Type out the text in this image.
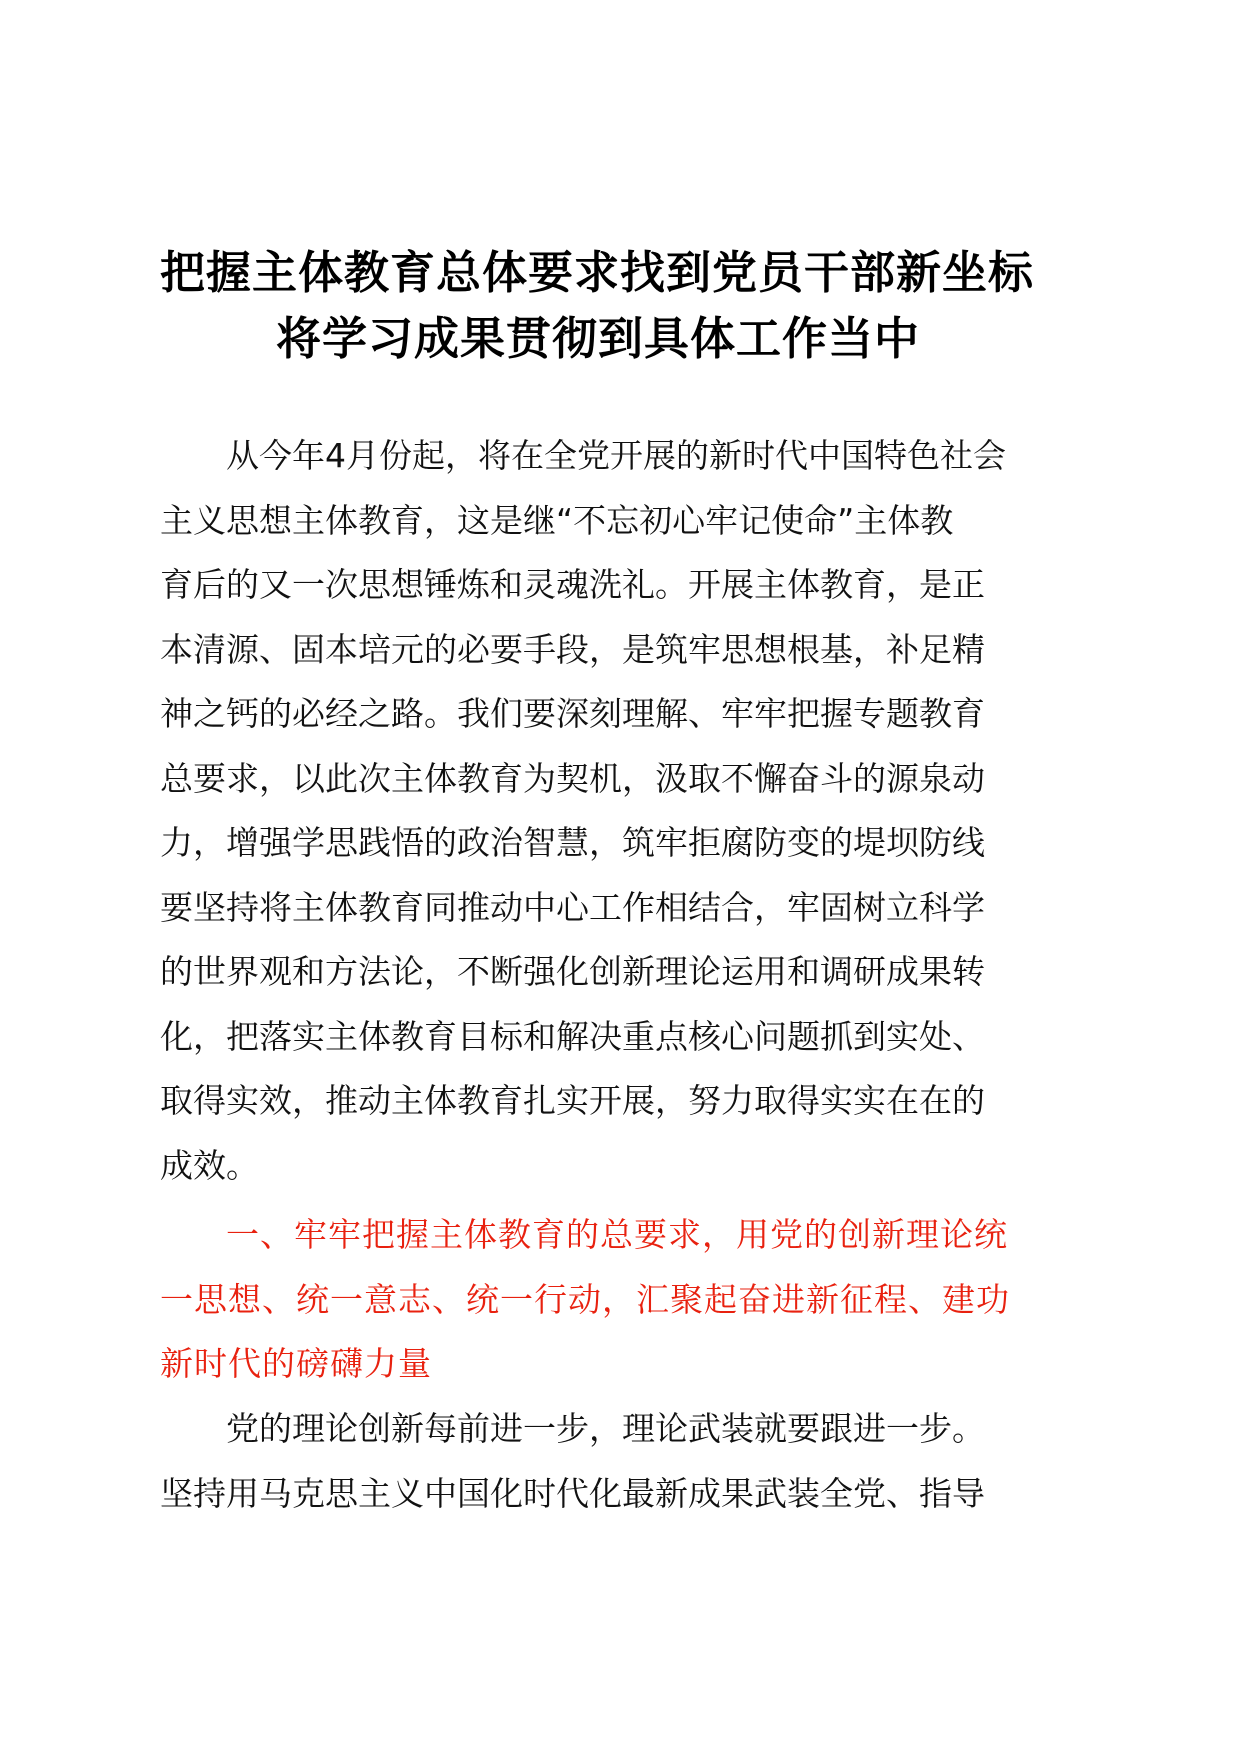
把握主体教育总体要求找到党员干部新坐标
将学习成果贯彻到具体工作当中
从今年4月份起，将在全党开展的新时代中国特色社会
主义思想主体教育，这是继“不忘初心牢记使命”主体教
育后的又一次思想锤炼和灵魂洗礼。开展主体教育，是正
本清源、固本培元的必要手段，是筑牢思想根基，补足精
神之钙的必经之路。我们要深刻理解、牢牢把握专题教育
总要求，以此次主体教育为契机，汲取不懈奋斗的源泉动
力，增强学思践悟的政治智慧，筑牢拒腐防变的堤坝防线
要坚持将主体教育同推动中心工作相结合，牢固树立科学
的世界观和方法论，不断强化创新理论运用和调研成果转
化，把落实主体教育目标和解决重点核心问题抓到实处、
取得实效，推动主体教育扎实开展，努力取得实实在在的
成效。
一、牢牢把握主体教育的总要求，用党的创新理论统
一思想、统一意志、统一行动，汇聚起奋进新征程、建功
新时代的磅礴力量
党的理论创新每前进一步，理论武装就要跟进一步。
坚持用马克思主义中国化时代化最新成果武装全党、指导
